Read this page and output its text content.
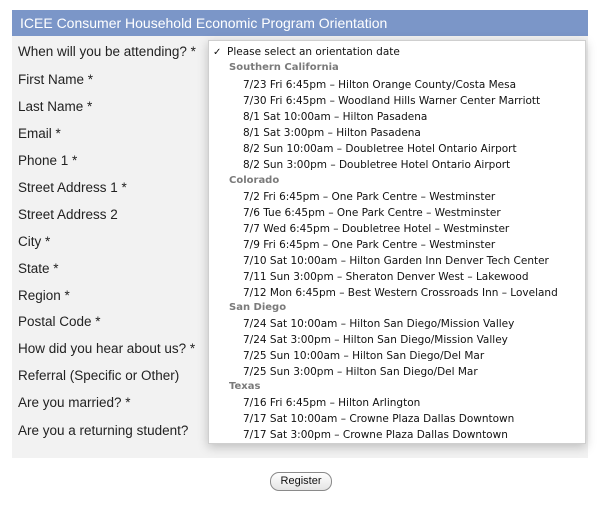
ICEE Consumer Household Economic Program Orientation
When will you be attending? *
First Name *
Last Name *
Email *
Phone 1 *
Street Address 1 *
Street Address 2
City *
State *
Region *
Postal Code *
How did you hear about us? *
Referral (Specific or Other)
Are you married? *
Are you a returning student?
✓ Please select an orientation date
Southern California
7/23 Fri 6:45pm – Hilton Orange County/Costa Mesa
7/30 Fri 6:45pm – Woodland Hills Warner Center Marriott
8/1 Sat 10:00am – Hilton Pasadena
8/1 Sat 3:00pm – Hilton Pasadena
8/2 Sun 10:00am – Doubletree Hotel Ontario Airport
8/2 Sun 3:00pm – Doubletree Hotel Ontario Airport
Colorado
7/2 Fri 6:45pm – One Park Centre – Westminster
7/6 Tue 6:45pm – One Park Centre – Westminster
7/7 Wed 6:45pm – Doubletree Hotel – Westminster
7/9 Fri 6:45pm – One Park Centre – Westminster
7/10 Sat 10:00am – Hilton Garden Inn Denver Tech Center
7/11 Sun 3:00pm – Sheraton Denver West – Lakewood
7/12 Mon 6:45pm – Best Western Crossroads Inn – Loveland
San Diego
7/24 Sat 10:00am – Hilton San Diego/Mission Valley
7/24 Sat 3:00pm – Hilton San Diego/Mission Valley
7/25 Sun 10:00am – Hilton San Diego/Del Mar
7/25 Sun 3:00pm – Hilton San Diego/Del Mar
Texas
7/16 Fri 6:45pm – Hilton Arlington
7/17 Sat 10:00am – Crowne Plaza Dallas Downtown
7/17 Sat 3:00pm – Crowne Plaza Dallas Downtown
Register
